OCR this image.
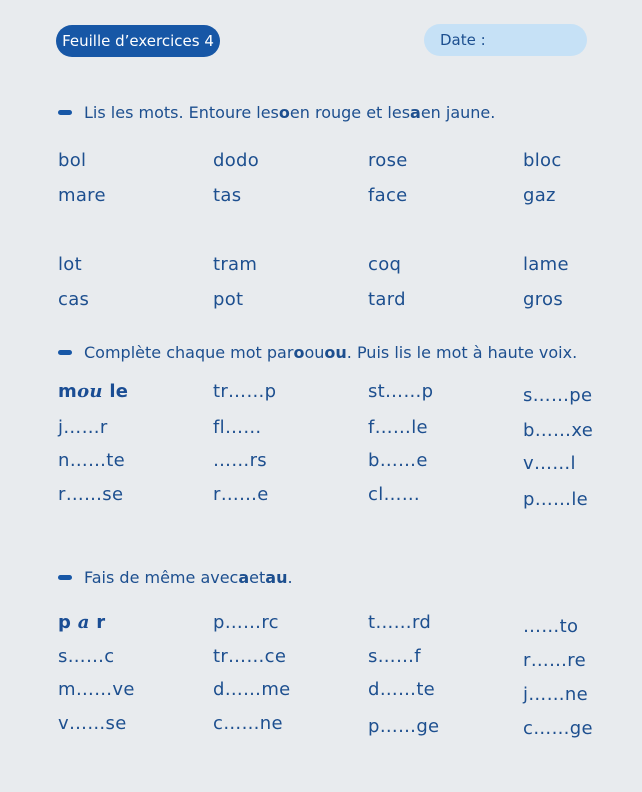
Feuille d’exercices 4	Date :
Lis les mots. Entoure les o en rouge et les a en jaune.
bol	dodo	rose	bloc
mare	tas	face	gaz
lot	tram	coq	lame
cas	pot	tard	gros
Complète chaque mot par o ou ou . Puis lis le mot à haute voix.
mou le	tr……p	st……p	s……pe
j……r	fl……	f……le	b……xe
n……te	……rs	b……e	v……l
r……se	r……e	cl……	p……le
Fais de même avec a et au .
p a r	p……rc	t……rd	……to
s……c	tr……ce	s……f	r……re
m……ve	d……me	d……te	j……ne
v……se	c……ne	p……ge	c……ge
